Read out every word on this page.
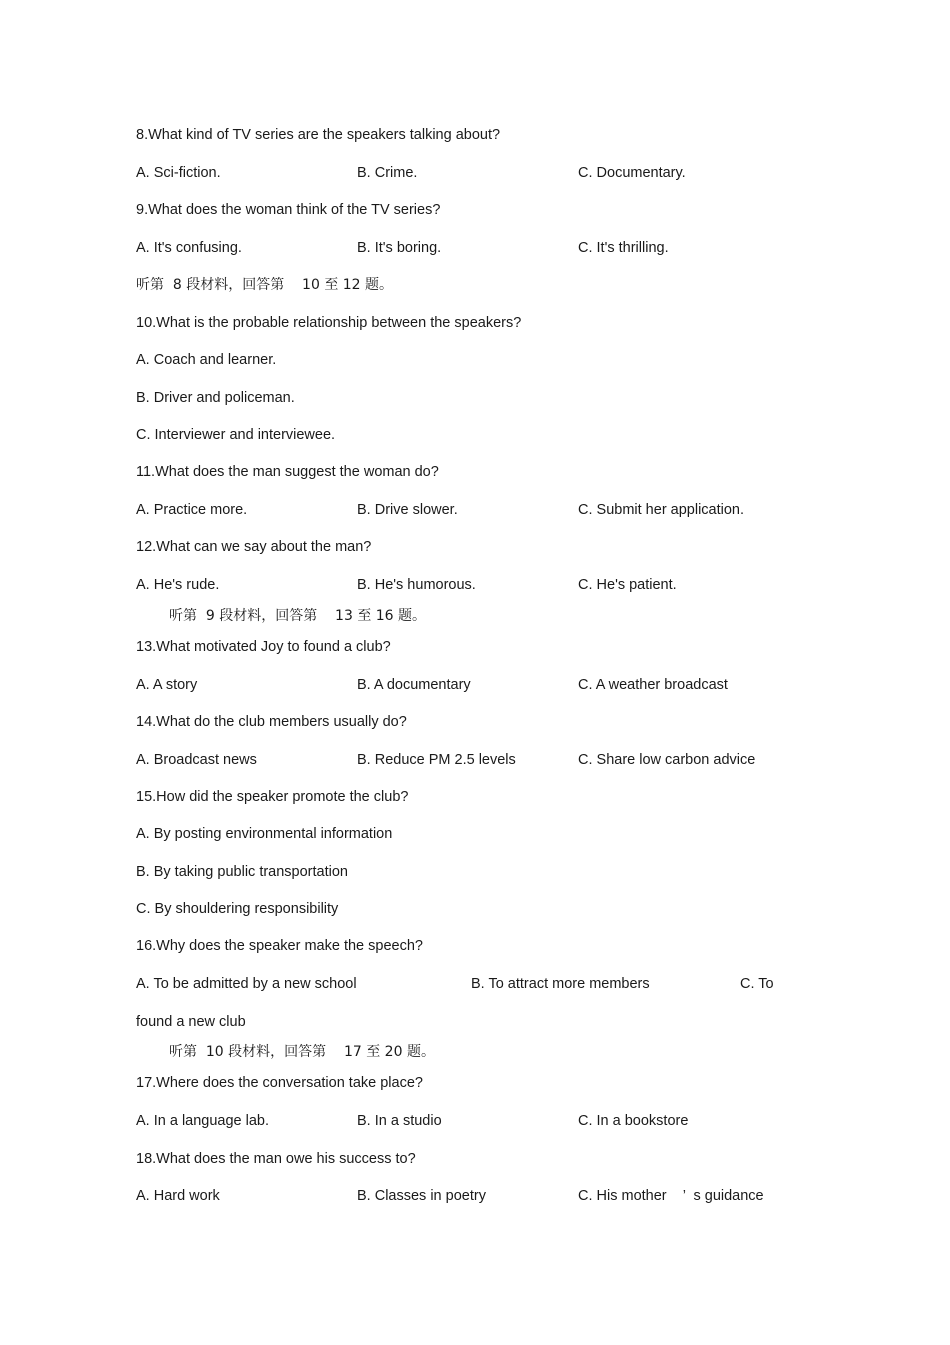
8.What kind of TV series are the speakers talking about?
A. Sci-fiction.	B. Crime.	C. Documentary.
9.What does the woman think of the TV series?
A. It's confusing.	B. It's boring.	C. It's thrilling.
听第  8 段材料，回答第    10 至 12 题。
10.What is the probable relationship between the speakers?
A. Coach and learner.
B. Driver and policeman.
C. Interviewer and interviewee.
11.What does the man suggest the woman do?
A. Practice more.	B. Drive slower.	C. Submit her application.
12.What can we say about the man?
A. He's rude.	B. He's humorous.	C. He's patient.
听第  9 段材料，回答第    13 至 16 题。
13.What motivated Joy to found a club?
A. A story	B. A documentary	C. A weather broadcast
14.What do the club members usually do?
A. Broadcast news	B. Reduce PM 2.5 levels	C. Share low carbon advice
15.How did the speaker promote the club?
A. By posting environmental information
B. By taking public transportation
C. By shouldering responsibility
16.Why does the speaker make the speech?
A. To be admitted by a new school	B. To attract more members	C. To
found a new club
听第  10 段材料，回答第    17 至 20 题。
17.Where does the conversation take place?
A. In a language lab.	B. In a studio	C. In a bookstore
18.What does the man owe his success to?
A. Hard work	B. Classes in poetry	C. His mother    ’  s guidance
